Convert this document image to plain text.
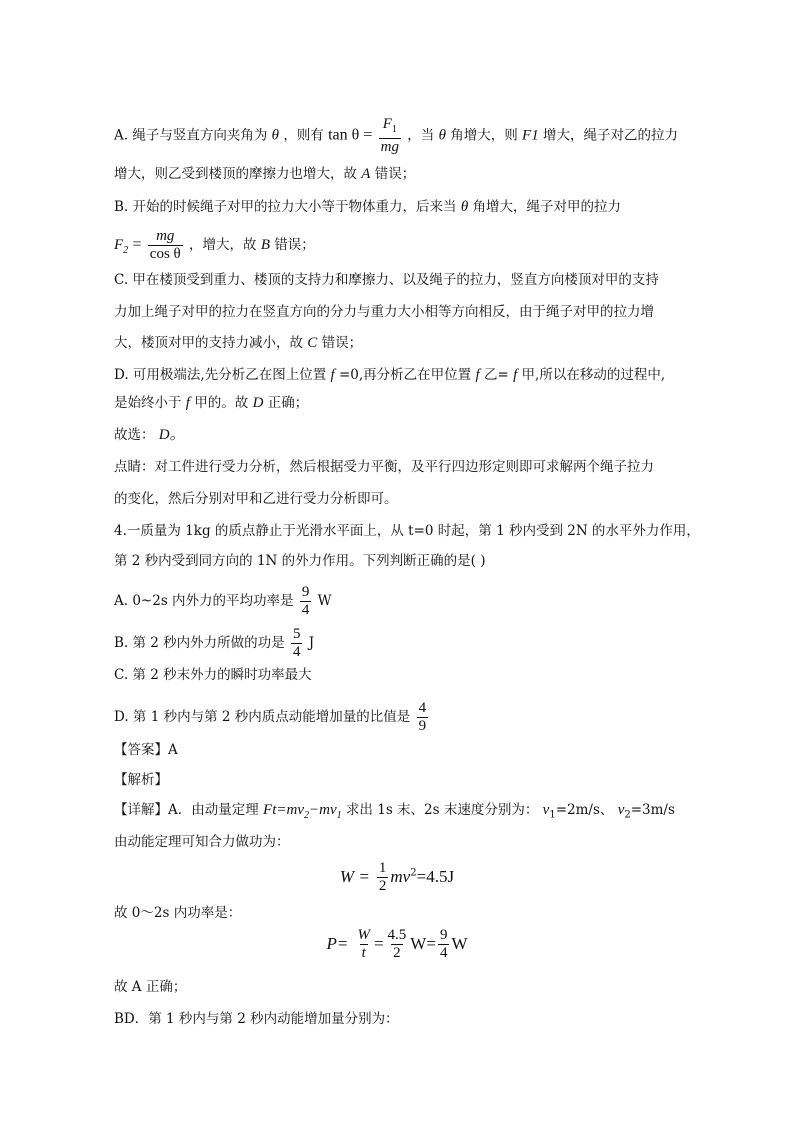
A. 绳子与竖直方向夹角为 θ ，则有 $\tan \theta = \frac{F_1}{mg}$ ，当 θ 角增大，则 F1 增大，绳子对乙的拉力
增大，则乙受到楼顶的摩擦力也增大，故 A 错误；
B. 开始的时候绳子对甲的拉力大小等于物体重力，后来当 θ 角增大，绳子对甲的拉力
$F_2 = \frac{mg}{\text{cos θ}}$ ，增大，故 B 错误；
C. 甲在楼顶受到重力、楼顶的支持力和摩擦力、以及绳子的拉力，竖直方向楼顶对甲的支持
力加上绳子对甲的拉力在竖直方向的分力与重力大小相等方向相反，由于绳子对甲的拉力增
大，楼顶对甲的支持力减小，故 C 错误；
D. 可用极端法,先分析乙在图上位置 f =0,再分析乙在甲位置 f 乙= f 甲,所以在移动的过程中,
是始终小于 f 甲的。故 D 正确；
故选： D。
点睛：对工件进行受力分析，然后根据受力平衡，及平行四边形定则即可求解两个绳子拉力
的变化，然后分别对甲和乙进行受力分析即可。
4.一质量为 1kg 的质点静止于光滑水平面上，从 t=0 时起，第 1 秒内受到 2N 的水平外力作用，
第 2 秒内受到同方向的 1N 的外力作用。下列判断正确的是( )
A. 0~2s 内外力的平均功率是 $\frac{9}{4}$ W
B. 第 2 秒内外力所做的功是 $\frac{5}{4}$ J
C. 第 2 秒末外力的瞬时功率最大
D. 第 1 秒内与第 2 秒内质点动能增加量的比值是 $\frac{4}{9}$
【答案】A
【解析】
【详解】A．由动量定理 $Ft=mv_2-mv_1$ 求出 1s 末、2s 末速度分别为： $v_1=2m/s$、 $v_2=3m/s$
由动能定理可知合力做功为：
$W = \frac{1}{2} mv^2=4.5J$
故 0～2s 内功率是：
$P= \frac{W}{t} = \frac{4.5}{2} W= \frac{9}{4}$ W
故 A 正确；
BD．第 1 秒内与第 2 秒内动能增加量分别为：
